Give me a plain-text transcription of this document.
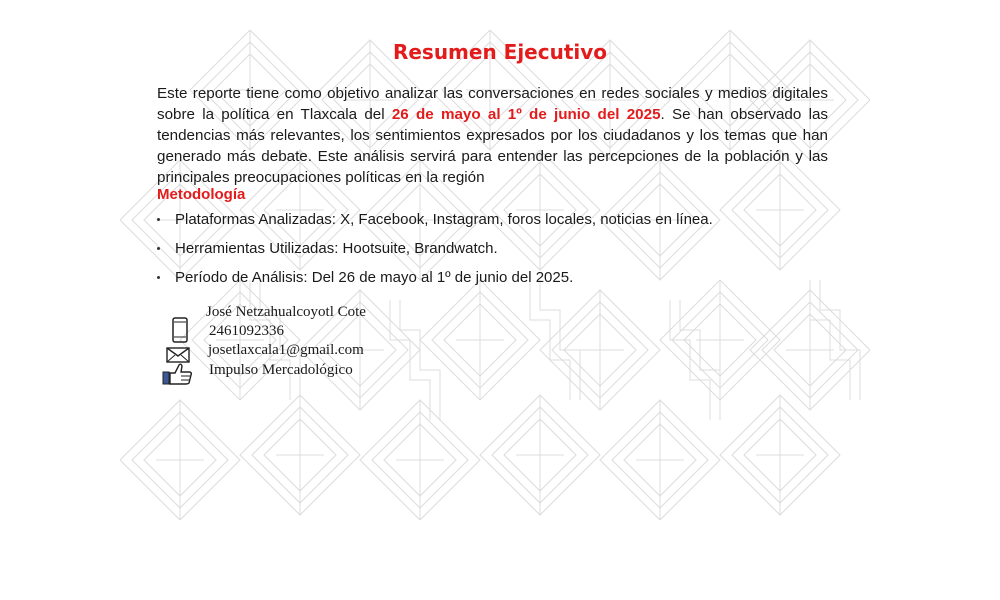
Resumen Ejecutivo

Este reporte tiene como objetivo analizar las conversaciones en redes sociales y medios digitales sobre la política en Tlaxcala del 26 de mayo al 1º de junio del 2025. Se han observado las tendencias más relevantes, los sentimientos expresados por los ciudadanos y los temas que han generado más debate. Este análisis servirá para entender las percepciones de la población y las principales preocupaciones políticas en la región

Metodología
Plataformas Analizadas: X, Facebook, Instagram, foros locales, noticias en línea.
Herramientas Utilizadas: Hootsuite, Brandwatch.
Período de Análisis: Del 26 de mayo al 1º de junio del 2025.
José Netzahualcoyotl Cote
2461092336
josetlaxcala1@gmail.com
Impulso Mercadológico
